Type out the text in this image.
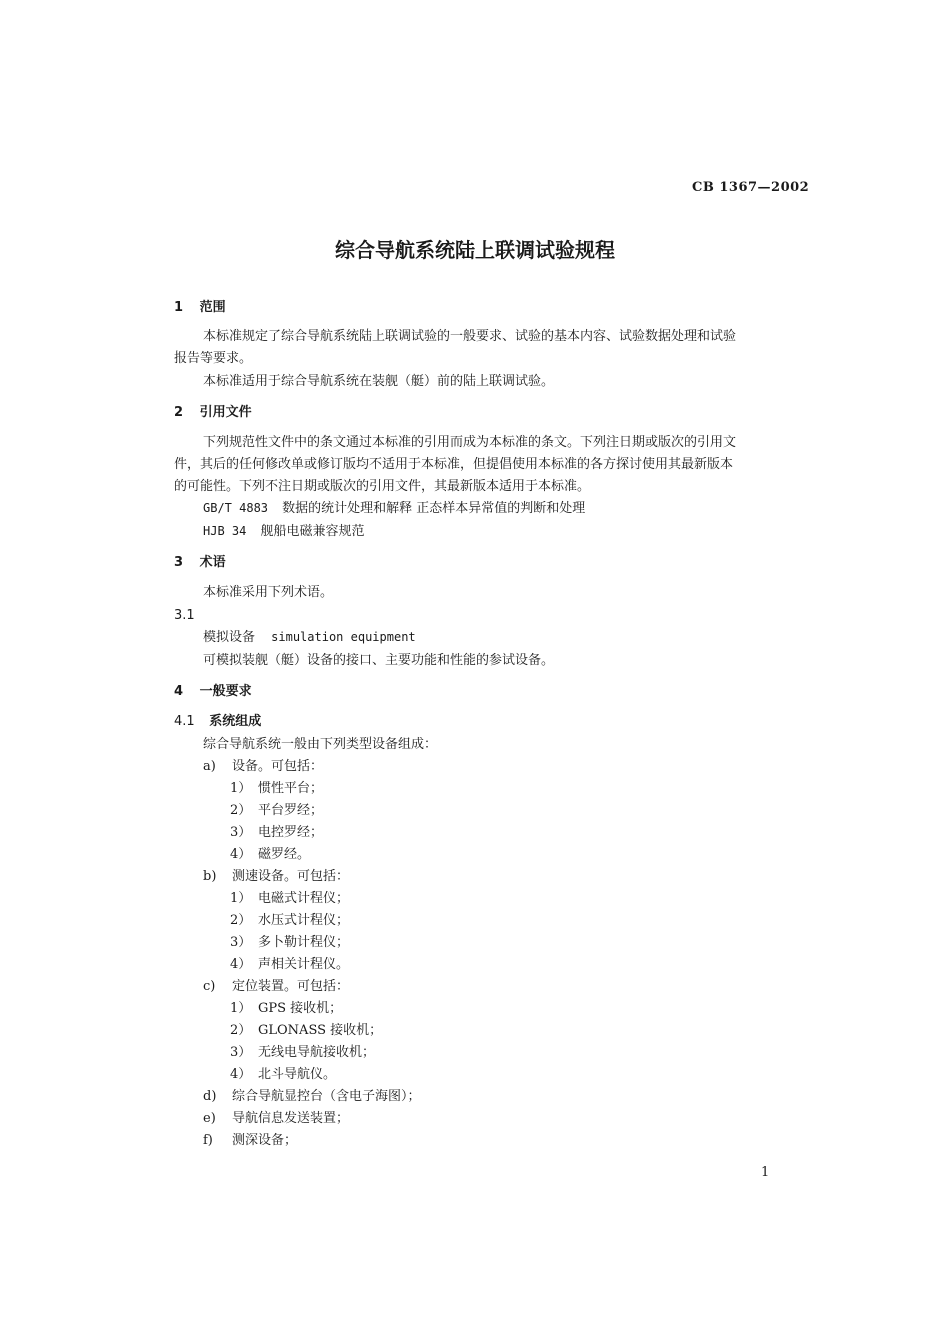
CB 1367—2002
综合导航系统陆上联调试验规程
1 范围
本标准规定了综合导航系统陆上联调试验的一般要求、试验的基本内容、试验数据处理和试验
报告等要求。
本标准适用于综合导航系统在装舰（艇）前的陆上联调试验。
2 引用文件
下列规范性文件中的条文通过本标准的引用而成为本标准的条文。下列注日期或版次的引用文
件，其后的任何修改单或修订版均不适用于本标准，但提倡使用本标准的各方探讨使用其最新版本
的可能性。下列不注日期或版次的引用文件，其最新版本适用于本标准。
GB/T 4883 数据的统计处理和解释 正态样本异常值的判断和处理
HJB 34 舰船电磁兼容规范
3 术语
本标准采用下列术语。
3.1
模拟设备 simulation equipment
可模拟装舰（艇）设备的接口、主要功能和性能的参试设备。
4 一般要求
4.1 系统组成
综合导航系统一般由下列类型设备组成：
a) 设备。可包括：
1） 惯性平台；
2） 平台罗经；
3） 电控罗经；
4） 磁罗经。
b) 测速设备。可包括：
1） 电磁式计程仪；
2） 水压式计程仪；
3） 多卜勒计程仪；
4） 声相关计程仪。
c) 定位装置。可包括：
1） GPS 接收机；
2） GLONASS 接收机；
3） 无线电导航接收机；
4） 北斗导航仪。
d) 综合导航显控台（含电子海图）；
e) 导航信息发送装置；
f) 测深设备；
1
